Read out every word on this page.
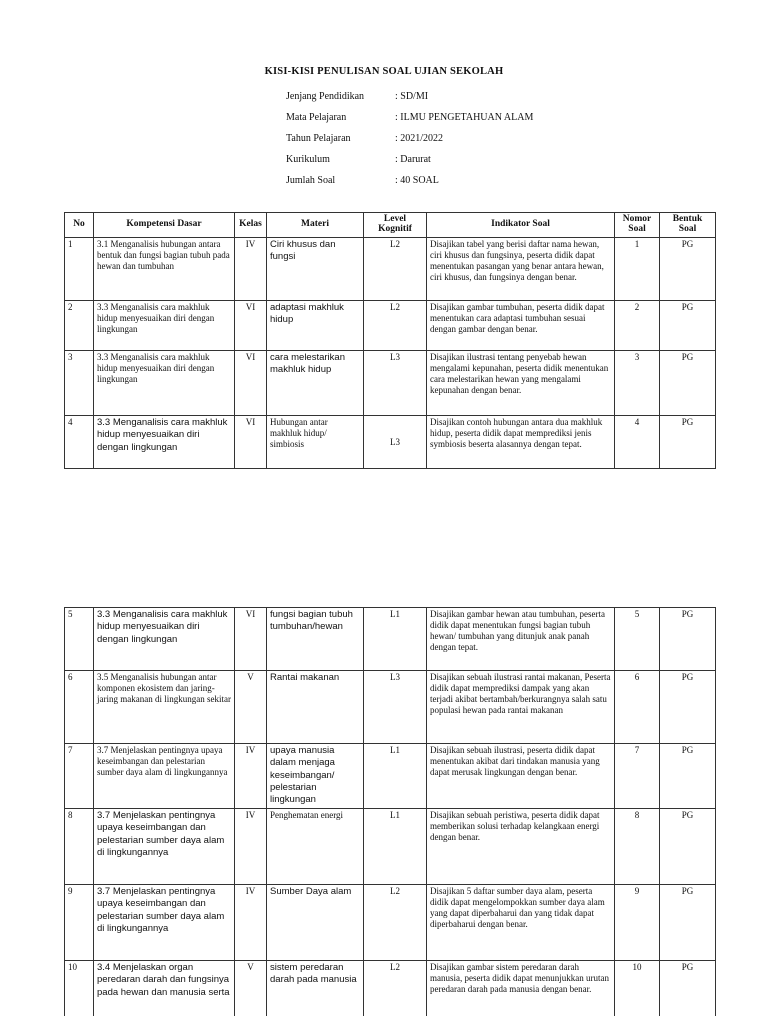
KISI-KISI PENULISAN SOAL UJIAN SEKOLAH
Jenjang Pendidikan	: SD/MI
Mata Pelajaran	: ILMU PENGETAHUAN ALAM
Tahun Pelajaran	: 2021/2022
Kurikulum	: Darurat
Jumlah Soal	: 40 SOAL
No	Kompetensi Dasar	Kelas	Materi	Level Kognitif	Indikator Soal	Nomor Soal	Bentuk Soal
1	3.1 Menganalisis hubungan antara bentuk dan fungsi bagian tubuh pada hewan dan tumbuhan	IV	Ciri khusus dan fungsi	L2	Disajikan tabel yang berisi daftar nama hewan, ciri khusus dan fungsinya, peserta didik dapat menentukan pasangan yang benar antara hewan, ciri khusus, dan fungsinya dengan benar.	1	PG
2	3.3 Menganalisis cara makhluk hidup menyesuaikan diri dengan lingkungan	VI	adaptasi makhluk hidup	L2	Disajikan gambar tumbuhan, peserta didik dapat menentukan cara adaptasi tumbuhan sesuai dengan gambar dengan benar.	2	PG
3	3.3 Menganalisis cara makhluk hidup menyesuaikan diri dengan lingkungan	VI	cara melestarikan makhluk hidup	L3	Disajikan ilustrasi tentang penyebab hewan mengalami kepunahan, peserta didik menentukan cara melestarikan hewan yang mengalami kepunahan dengan benar.	3	PG
4	3.3 Menganalisis cara makhluk hidup menyesuaikan diri dengan lingkungan	VI	Hubungan antar makhluk hidup/ simbiosis	L3	Disajikan contoh hubungan antara dua makhluk hidup, peserta didik dapat memprediksi jenis symbiosis beserta alasannya dengan tepat.	4	PG
5	3.3 Menganalisis cara makhluk hidup menyesuaikan diri dengan lingkungan	VI	fungsi bagian tubuh tumbuhan/hewan	L1	Disajikan gambar hewan atau tumbuhan, peserta didik dapat menentukan fungsi bagian tubuh hewan/ tumbuhan yang ditunjuk anak panah dengan tepat.	5	PG
6	3.5 Menganalisis hubungan antar komponen ekosistem dan jaring-jaring makanan di lingkungan sekitar	V	Rantai makanan	L3	Disajikan sebuah ilustrasi rantai makanan, Peserta didik dapat memprediksi dampak yang akan terjadi akibat bertambah/berkurangnya salah satu populasi hewan pada rantai makanan	6	PG
7	3.7 Menjelaskan pentingnya upaya keseimbangan dan pelestarian sumber daya alam di lingkungannya	IV	upaya manusia dalam menjaga keseimbangan/ pelestarian lingkungan	L1	Disajikan sebuah ilustrasi, peserta didik dapat menentukan akibat dari tindakan manusia yang dapat merusak lingkungan dengan benar.	7	PG
8	3.7 Menjelaskan pentingnya upaya keseimbangan dan pelestarian sumber daya alam di lingkungannya	IV	Penghematan energi	L1	Disajikan sebuah peristiwa, peserta didik dapat memberikan solusi terhadap kelangkaan energi dengan benar.	8	PG
9	3.7 Menjelaskan pentingnya upaya keseimbangan dan pelestarian sumber daya alam di lingkungannya	IV	Sumber Daya alam	L2	Disajikan 5 daftar sumber daya alam, peserta didik dapat mengelompokkan sumber daya alam yang dapat diperbaharui dan yang tidak dapat diperbaharui dengan benar.	9	PG
10	3.4 Menjelaskan organ peredaran darah dan fungsinya pada hewan dan manusia serta	V	sistem peredaran darah pada manusia	L2	Disajikan gambar sistem peredaran darah manusia, peserta didik dapat menunjukkan urutan peredaran darah pada manusia dengan benar.	10	PG
